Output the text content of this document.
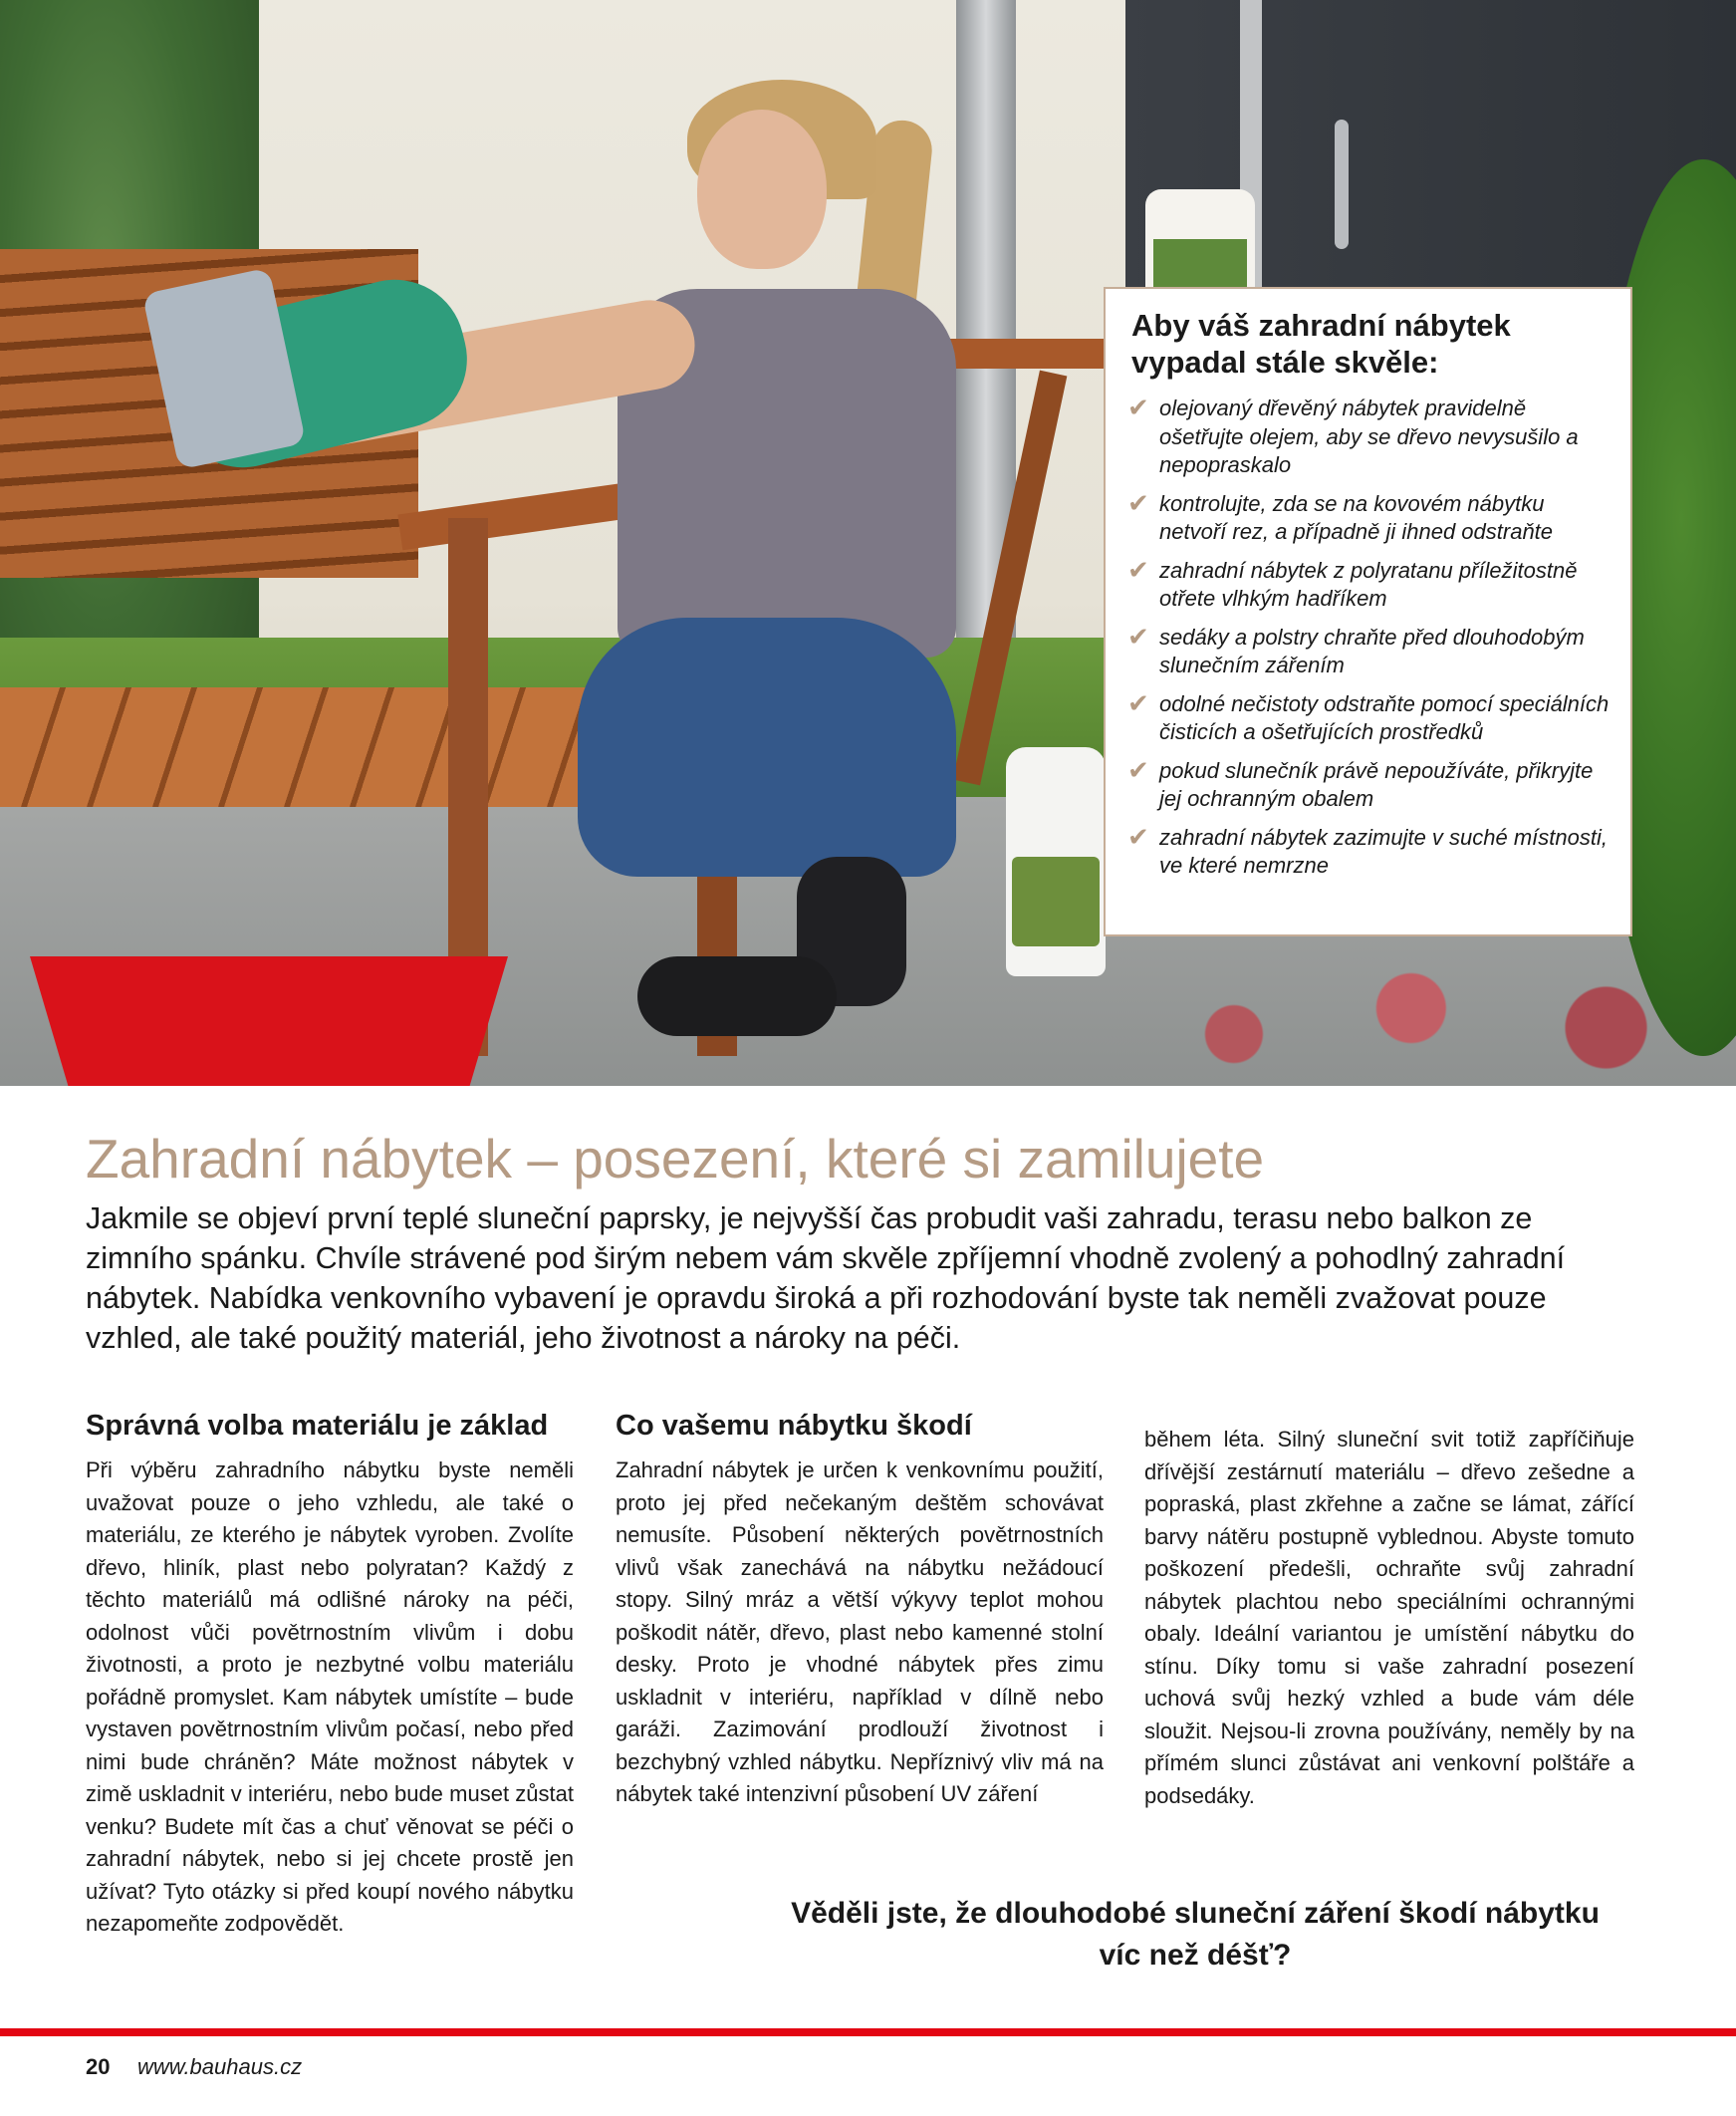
Aby váš zahradní nábytek vypadal stále skvěle:
✔ olejovaný dřevěný nábytek pravidelně ošetřujte olejem, aby se dřevo nevysušilo a nepopraskalo
✔ kontrolujte, zda se na kovovém nábytku netvoří rez, a případně ji ihned odstraňte
✔ zahradní nábytek z polyratanu příležitostně otřete vlhkým hadříkem
✔ sedáky a polstry chraňte před dlouhodobým slunečním zářením
✔ odolné nečistoty odstraňte pomocí speciálních čisticích a ošetřujících prostředků
✔ pokud slunečník právě nepoužíváte, přikryjte jej ochranným obalem
✔ zahradní nábytek zazimujte v suché místnosti, ve které nemrzne
Zahradní nábytek – posezení, které si zamilujete

Jakmile se objeví první teplé sluneční paprsky, je nejvyšší čas probudit vaši zahradu, terasu nebo balkon ze zimního spánku. Chvíle strávené pod širým nebem vám skvěle zpříjemní vhodně zvolený a pohodlný zahradní nábytek. Nabídka venkovního vybavení je opravdu široká a při rozhodování byste tak neměli zvažovat pouze vzhled, ale také použitý materiál, jeho životnost a nároky na péči.

Správná volba materiálu je základ

Při výběru zahradního nábytku byste neměli uvažovat pouze o jeho vzhledu, ale také o materiálu, ze kterého je nábytek vyroben. Zvolíte dřevo, hliník, plast nebo polyratan? Každý z těchto materiálů má odlišné nároky na péči, odolnost vůči povětrnostním vlivům i dobu životnosti, a proto je nezbytné volbu materiálu pořádně promyslet. Kam nábytek umístíte – bude vystaven povětrnostním vlivům počasí, nebo před nimi bude chráněn? Máte možnost nábytek v zimě uskladnit v interiéru, nebo bude muset zůstat venku? Budete mít čas a chuť věnovat se péči o zahradní nábytek, nebo si jej chcete prostě jen užívat? Tyto otázky si před koupí nového nábytku nezapomeňte zodpovědět.

Co vašemu nábytku škodí

Zahradní nábytek je určen k venkovnímu použití, proto jej před nečekaným deštěm schovávat nemusíte. Působení některých povětrnostních vlivů však zanechává na nábytku nežádoucí stopy. Silný mráz a větší výkyvy teplot mohou poškodit nátěr, dřevo, plast nebo kamenné stolní desky. Proto je vhodné nábytek přes zimu uskladnit v interiéru, například v dílně nebo garáži. Zazimování prodlouží životnost i bezchybný vzhled nábytku. Nepříznivý vliv má na nábytek také intenzivní působení UV záření

během léta. Silný sluneční svit totiž zapříčiňuje dřívější zestárnutí materiálu – dřevo zešedne a popraská, plast zkřehne a začne se lámat, zářící barvy nátěru postupně vyblednou. Abyste tomuto poškození předešli, ochraňte svůj zahradní nábytek plachtou nebo speciálními ochrannými obaly. Ideální variantou je umístění nábytku do stínu. Díky tomu si vaše zahradní posezení uchová svůj hezký vzhled a bude vám déle sloužit. Nejsou-li zrovna používány, neměly by na přímém slunci zůstávat ani venkovní polštáře a podsedáky.

Věděli jste, že dlouhodobé sluneční záření škodí nábytku víc než déšť?

20 www.bauhaus.cz
